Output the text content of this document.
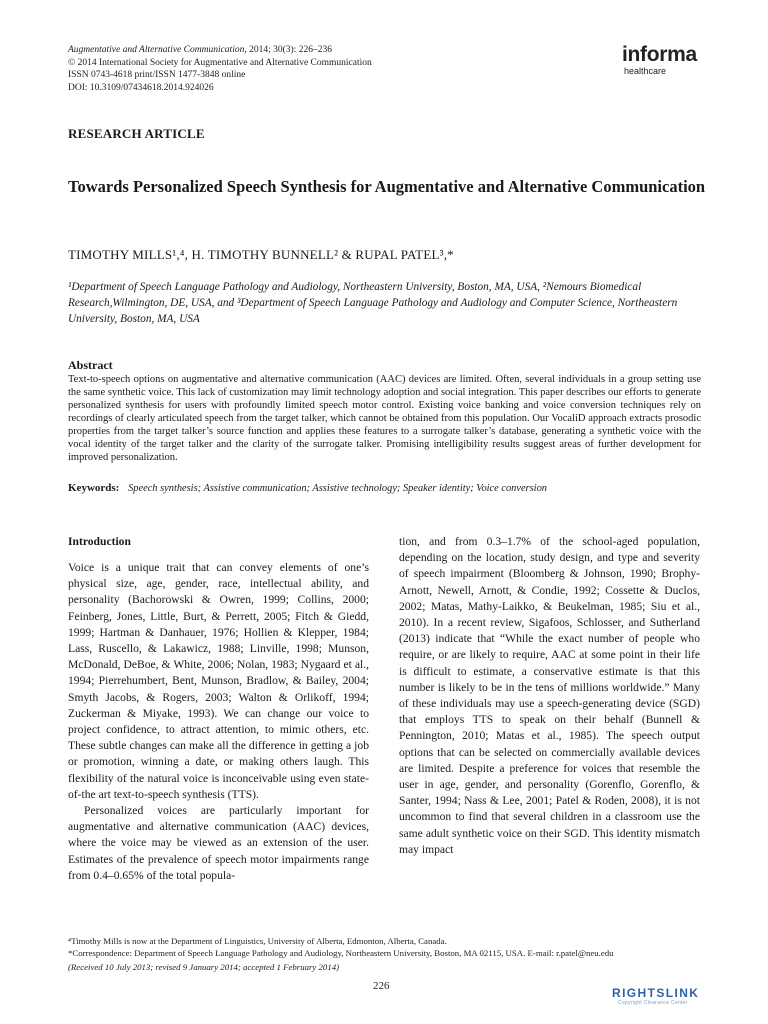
Augmentative and Alternative Communication, 2014; 30(3): 226–236
© 2014 International Society for Augmentative and Alternative Communication
ISSN 0743-4618 print/ISSN 1477-3848 online
DOI: 10.3109/07434618.2014.924026
informa
healthcare
RESEARCH ARTICLE
Towards Personalized Speech Synthesis for Augmentative and Alternative Communication
TIMOTHY MILLS¹,⁴, H. TIMOTHY BUNNELL² & RUPAL PATEL³,*
¹Department of Speech Language Pathology and Audiology, Northeastern University, Boston, MA, USA, ²Nemours Biomedical Research,Wilmington, DE, USA, and ³Department of Speech Language Pathology and Audiology and Computer Science, Northeastern University, Boston, MA, USA
Abstract
Text-to-speech options on augmentative and alternative communication (AAC) devices are limited. Often, several individuals in a group setting use the same synthetic voice. This lack of customization may limit technology adoption and social integration. This paper describes our efforts to generate personalized synthesis for users with profoundly limited speech motor control. Existing voice banking and voice conversion techniques rely on recordings of clearly articulated speech from the target talker, which cannot be obtained from this population. Our VocaliD approach extracts prosodic properties from the target talker’s source function and applies these features to a surrogate talker’s database, generating a synthetic voice with the vocal identity of the target talker and the clarity of the surrogate talker. Promising intelligibility results suggest areas of further development for improved personalization.
Keywords: Speech synthesis; Assistive communication; Assistive technology; Speaker identity; Voice conversion
Introduction

Voice is a unique trait that can convey elements of one’s physical size, age, gender, race, intellectual ability, and personality (Bachorowski & Owren, 1999; Collins, 2000; Feinberg, Jones, Little, Burt, & Perrett, 2005; Fitch & Giedd, 1999; Hartman & Danhauer, 1976; Hollien & Klepper, 1984; Lass, Ruscello, & Lakawicz, 1988; Linville, 1998; Munson, McDonald, DeBoe, & White, 2006; Nolan, 1983; Nygaard et al., 1994; Pierrehumbert, Bent, Munson, Bradlow, & Bailey, 2004; Smyth Jacobs, & Rogers, 2003; Walton & Orlikoff, 1994; Zuckerman & Miyake, 1993). We can change our voice to project confidence, to attract attention, to mimic others, etc. These subtle changes can make all the difference in getting a job or promotion, winning a date, or making others laugh. This flexibility of the natural voice is inconceivable using even state-of-the art text-to-speech synthesis (TTS).

Personalized voices are particularly important for augmentative and alternative communication (AAC) devices, where the voice may be viewed as an extension of the user. Estimates of the prevalence of speech motor impairments range from 0.4–0.65% of the total popula-

tion, and from 0.3–1.7% of the school-aged population, depending on the location, study design, and type and severity of speech impairment (Bloomberg & Johnson, 1990; Brophy-Arnott, Newell, Arnott, & Condie, 1992; Cossette & Duclos, 2002; Matas, Mathy-Laikko, & Beukelman, 1985; Siu et al., 2010). In a recent review, Sigafoos, Schlosser, and Sutherland (2013) indicate that “While the exact number of people who require, or are likely to require, AAC at some point in their life is difficult to estimate, a conservative estimate is that this number is likely to be in the tens of millions worldwide.” Many of these individuals may use a speech-generating device (SGD) that employs TTS to speak on their behalf (Bunnell & Pennington, 2010; Matas et al., 1985). The speech output options that can be selected on commercially available devices are limited. Despite a preference for voices that resemble the user in age, gender, and personality (Gorenflo, Gorenflo, & Santer, 1994; Nass & Lee, 2001; Patel & Roden, 2008), it is not uncommon to find that several children in a classroom use the same adult synthetic voice on their SGD. This identity mismatch may impact

⁴Timothy Mills is now at the Department of Linguistics, University of Alberta, Edmonton, Alberta, Canada.
*Correspondence: Department of Speech Language Pathology and Audiology, Northeastern University, Boston, MA 02115, USA. E-mail: r.patel@neu.edu
(Received 10 July 2013; revised 9 January 2014; accepted 1 February 2014)
226	RIGHTSLINK
Copyright Clearance Center
